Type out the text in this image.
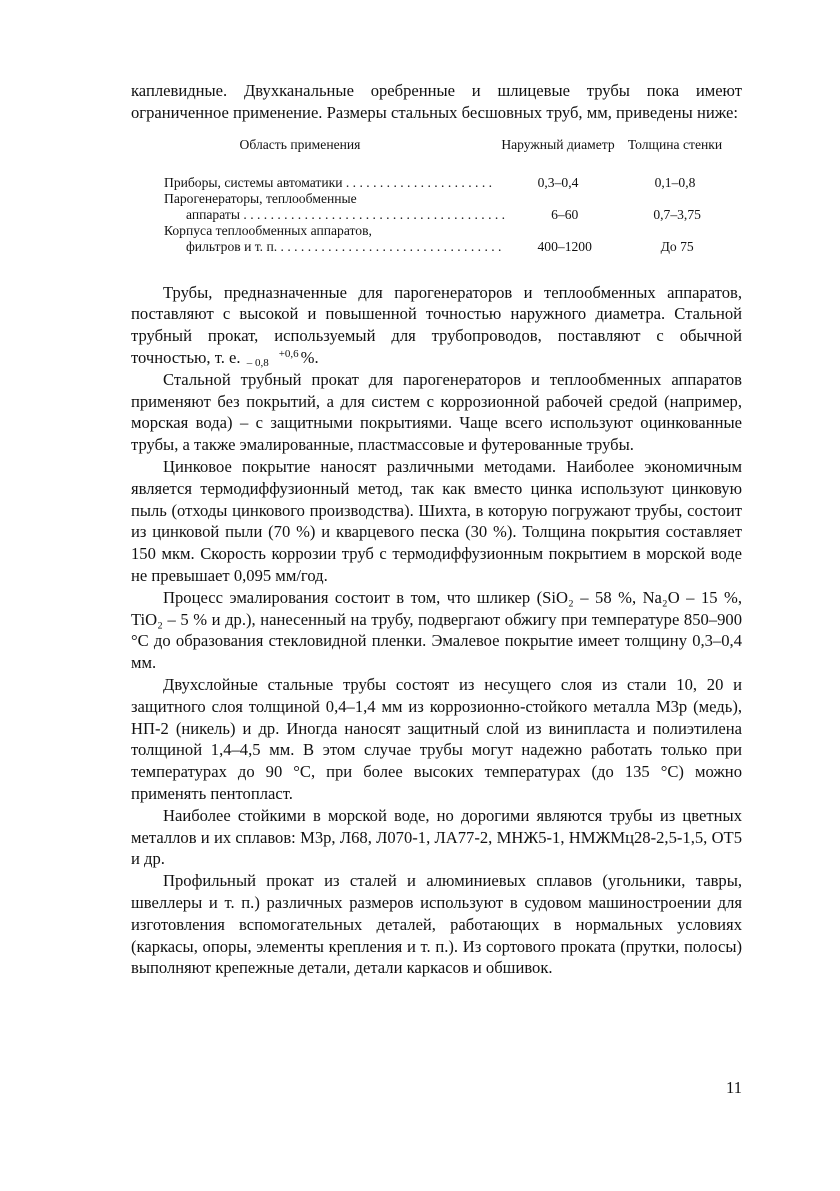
каплевидные. Двухканальные оребренные и шлицевые трубы пока имеют ограниченное применение. Размеры стальных бесшовных труб, мм, приведены ниже:

Область применения	Наружный диаметр Толщина стенки
Приборы, системы автоматики . . .	0,3–0,4	0,1–0,8
Парогенераторы, теплообменные
аппараты . . .	6–60	0,7–3,75
Корпуса теплообменных аппаратов,
фильтров и т. п. . . .	400–1200	До 75

Трубы, предназначенные для парогенераторов и теплообменных аппаратов, поставляют с высокой и повышенной точностью наружного диаметра. Стальной трубный прокат, используемый для трубопроводов, поставляют с обычной точностью, т. е.	+0,6
– 0,8 %.

Стальной трубный прокат для парогенераторов и теплообменных аппаратов применяют без покрытий, а для систем с коррозионной рабочей средой (например, морская вода) – с защитными покрытиями. Чаще всего используют оцинкованные трубы, а также эмалированные, пластмассовые и футерованные трубы.

Цинковое покрытие наносят различными методами. Наиболее экономичным является термодиффузионный метод, так как вместо цинка используют цинковую пыль (отходы цинкового производства). Шихта, в которую погружают трубы, состоит из цинковой пыли (70 %) и кварцевого песка (30 %). Толщина покрытия составляет 150 мкм. Скорость коррозии труб с термодиффузионным покрытием в морской воде не превышает 0,095 мм/год.

Процесс эмалирования состоит в том, что шликер (SiO₂ – 58 %, Na₂O – 15 %, TiO₂ – 5 % и др.), нанесенный на трубу, подвергают обжигу при температуре 850–900 °С до образования стекловидной пленки. Эмалевое покрытие имеет толщину 0,3–0,4 мм.

Двухслойные стальные трубы состоят из несущего слоя из стали 10, 20 и защитного слоя толщиной 0,4–1,4 мм из коррозионно-стойкого металла М3р (медь), НП-2 (никель) и др. Иногда наносят защитный слой из винипласта и полиэтилена толщиной 1,4–4,5 мм. В этом случае трубы могут надежно работать только при температурах до 90 °С, при более высоких температурах (до 135 °С) можно применять пентопласт.

Наиболее стойкими в морской воде, но дорогими являются трубы из цветных металлов и их сплавов: М3р, Л68, Л070-1, ЛА77-2, МНЖ5-1, НМЖМц28-2,5-1,5, ОТ5 и др.

Профильный прокат из сталей и алюминиевых сплавов (угольники, тавры, швеллеры и т. п.) различных размеров используют в судовом машиностроении для изготовления вспомогательных деталей, работающих в нормальных условиях (каркасы, опоры, элементы крепления и т. п.). Из сортового проката (прутки, полосы) выполняют крепежные детали, детали каркасов и обшивок.

11
